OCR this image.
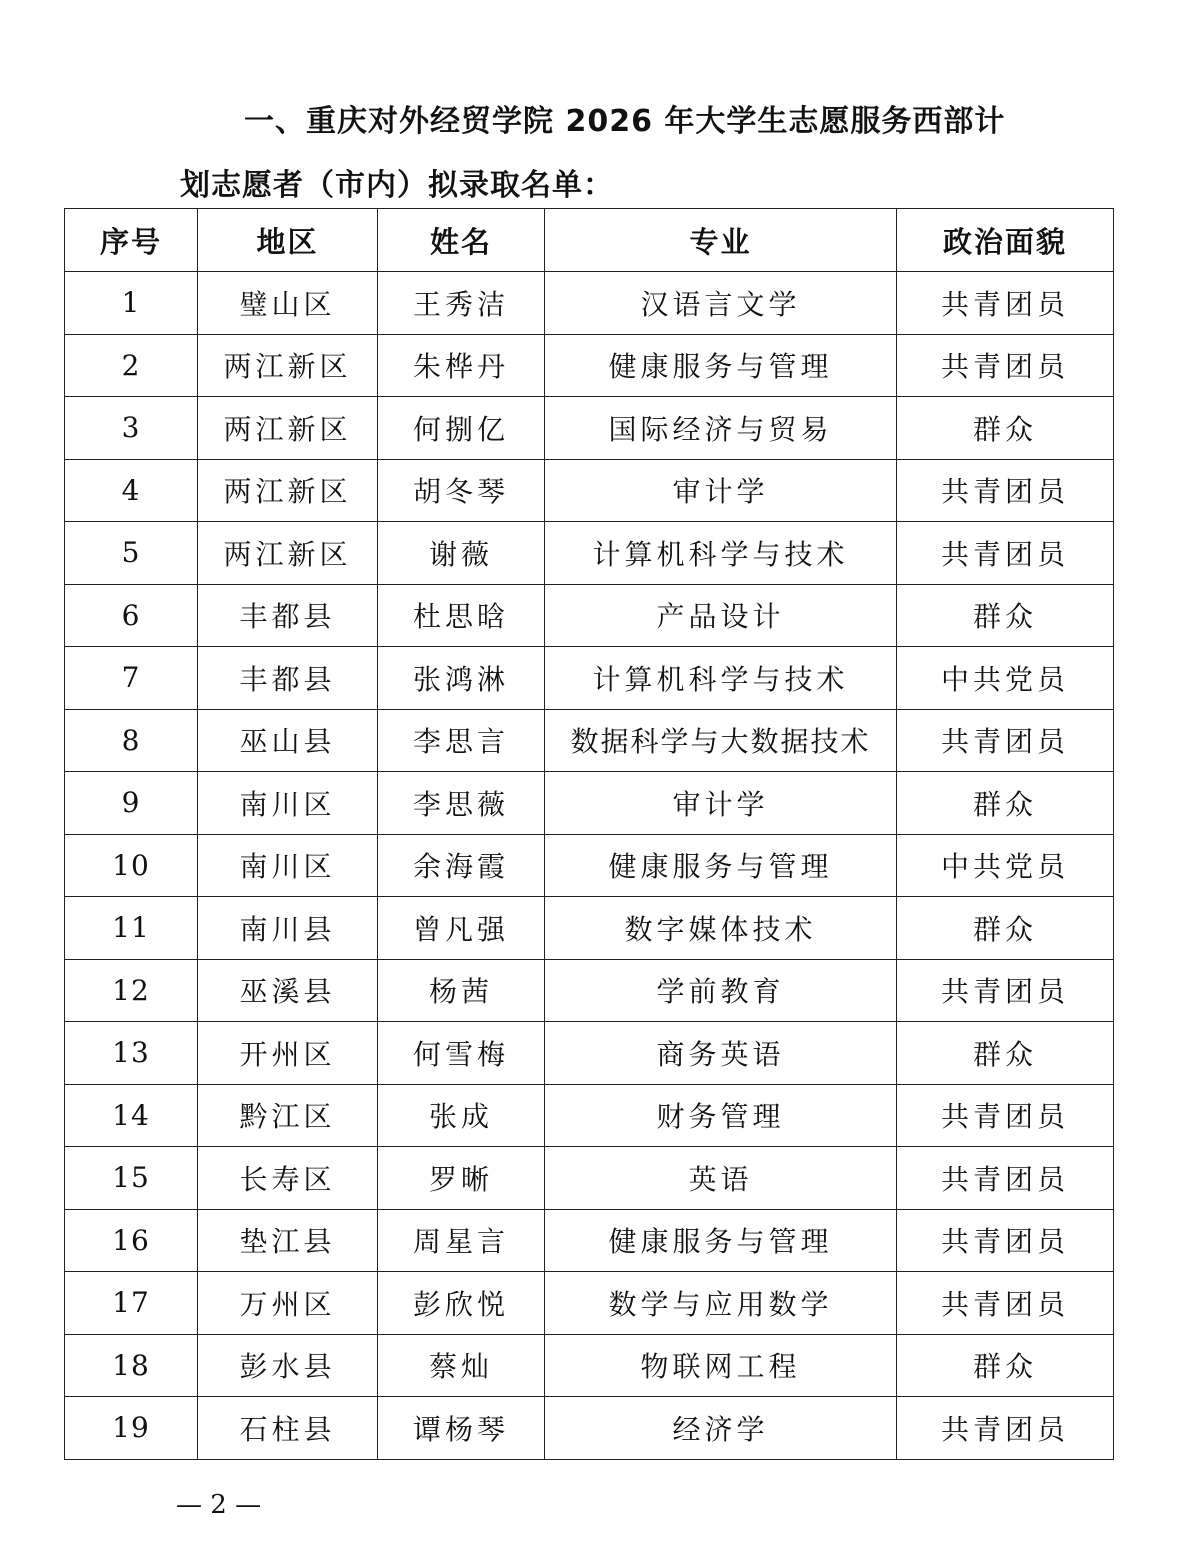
一、重庆对外经贸学院 2026 年大学生志愿服务西部计
划志愿者（市内）拟录取名单：
序号	地区	姓名	专业	政治面貌
1	璧山区	王秀洁	汉语言文学	共青团员
2	两江新区	朱桦丹	健康服务与管理	共青团员
3	两江新区	何捌亿	国际经济与贸易	群众
4	两江新区	胡冬琴	审计学	共青团员
5	两江新区	谢薇	计算机科学与技术	共青团员
6	丰都县	杜思晗	产品设计	群众
7	丰都县	张鸿淋	计算机科学与技术	中共党员
8	巫山县	李思言	数据科学与大数据技术	共青团员
9	南川区	李思薇	审计学	群众
10	南川区	余海霞	健康服务与管理	中共党员
11	南川县	曾凡强	数字媒体技术	群众
12	巫溪县	杨茜	学前教育	共青团员
13	开州区	何雪梅	商务英语	群众
14	黔江区	张成	财务管理	共青团员
15	长寿区	罗晰	英语	共青团员
16	垫江县	周星言	健康服务与管理	共青团员
17	万州区	彭欣悦	数学与应用数学	共青团员
18	彭水县	蔡灿	物联网工程	群众
19	石柱县	谭杨琴	经济学	共青团员
— 2 —
